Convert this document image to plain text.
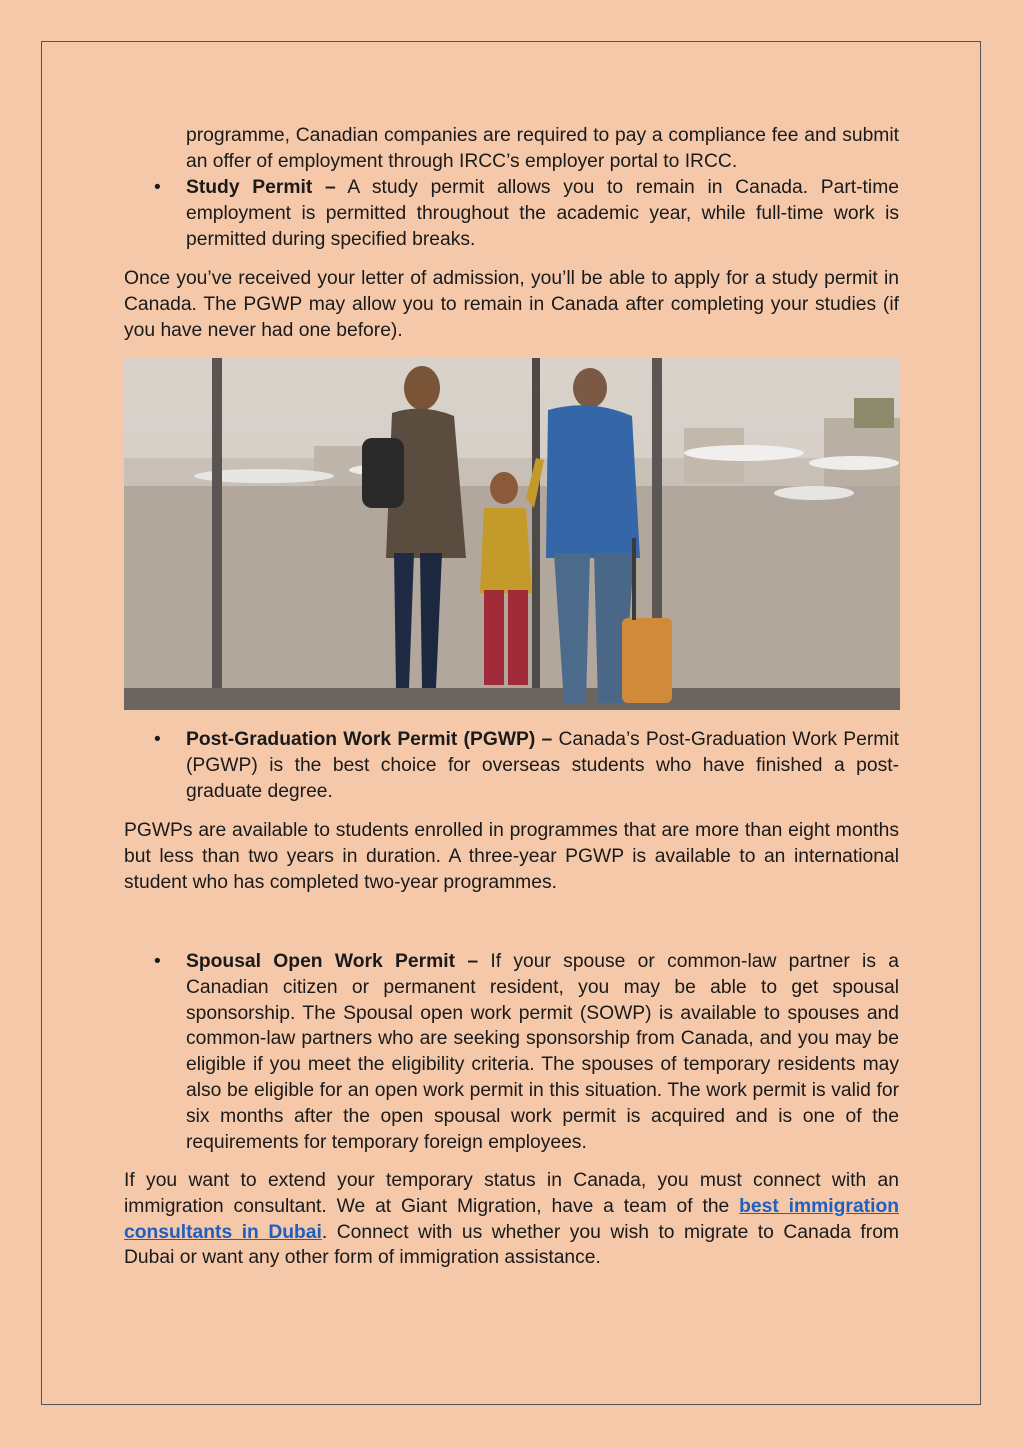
programme, Canadian companies are required to pay a compliance fee and submit an offer of employment through IRCC’s employer portal to IRCC.
• Study Permit – A study permit allows you to remain in Canada. Part-time employment is permitted throughout the academic year, while full-time work is permitted during specified breaks.

Once you’ve received your letter of admission, you’ll be able to apply for a study permit in Canada. The PGWP may allow you to remain in Canada after completing your studies (if you have never had one before).

• Post-Graduation Work Permit (PGWP) – Canada’s Post-Graduation Work Permit (PGWP) is the best choice for overseas students who have finished a post-graduate degree.

PGWPs are available to students enrolled in programmes that are more than eight months but less than two years in duration. A three-year PGWP is available to an international student who has completed two-year programmes.

• Spousal Open Work Permit – If your spouse or common-law partner is a Canadian citizen or permanent resident, you may be able to get spousal sponsorship. The Spousal open work permit (SOWP) is available to spouses and common-law partners who are seeking sponsorship from Canada, and you may be eligible if you meet the eligibility criteria. The spouses of temporary residents may also be eligible for an open work permit in this situation. The work permit is valid for six months after the open spousal work permit is acquired and is one of the requirements for temporary foreign employees.

If you want to extend your temporary status in Canada, you must connect with an immigration consultant. We at Giant Migration, have a team of the best immigration consultants in Dubai. Connect with us whether you wish to migrate to Canada from Dubai or want any other form of immigration assistance.
